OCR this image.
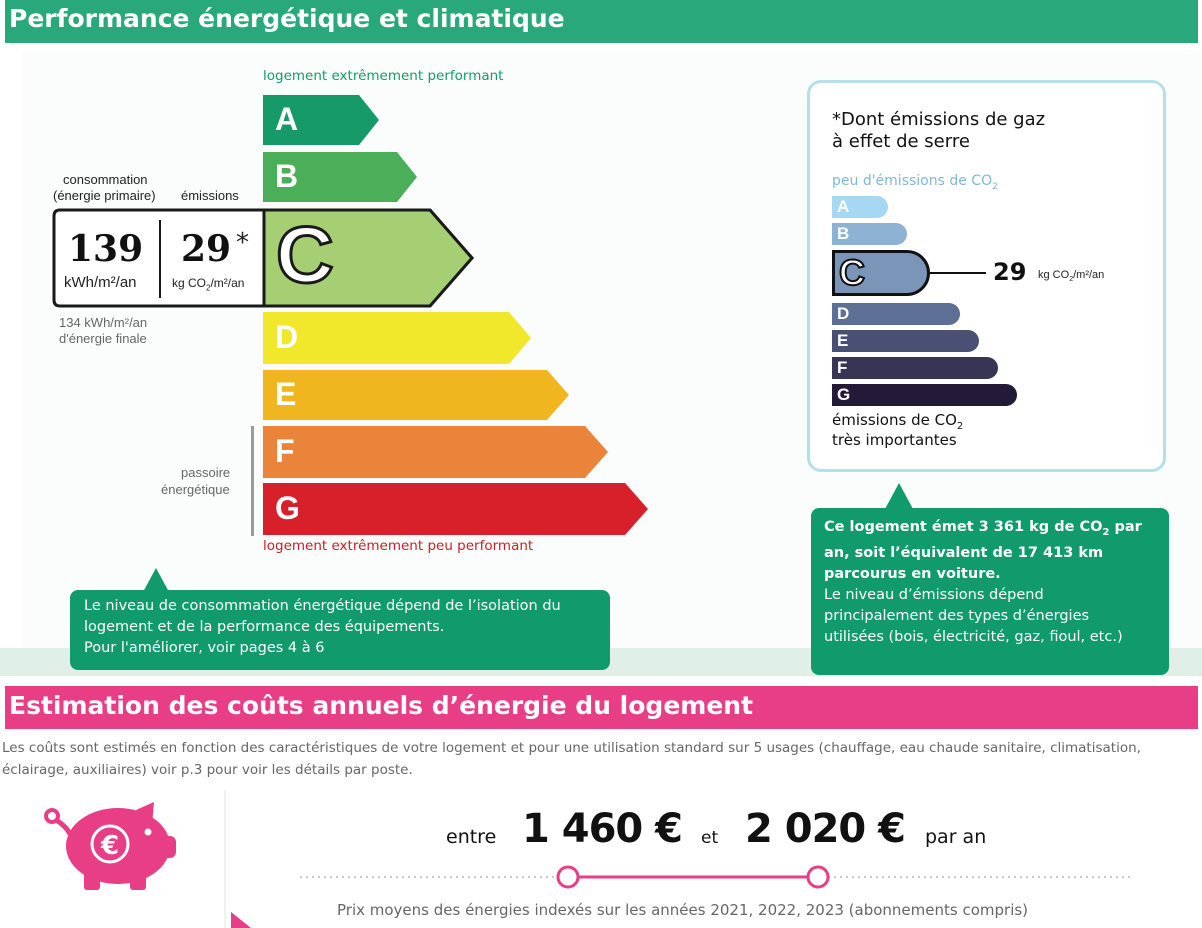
Performance énergétique et climatique
logement extrêmement performant
logement extrêmement peu performant
A
B
D
E
F
G
C
consommation
(énergie primaire) émissions
139
kWh/m²/an
29 *
kg $CO_2/m^2/an$
134 kWh/m²/an
d'énergie finale
passoire
énergétique
Le niveau de consommation énergétique dépend de l’isolation du
logement et de la performance des équipements.
Pour l'améliorer, voir pages 4 à 6
*Dont émissions de gaz
à effet de serre
peu d'émissions de $CO_2$
A
B
C	29 kg $CO_2/m^2/an$
D
E
F
G
émissions de $CO_2$
très importantes
Ce logement émet 3 361 kg de $CO_2$ par
an, soit l’équivalent de 17 413 km
parcourus en voiture.
Le niveau d’émissions dépend
principalement des types d’énergies
utilisées (bois, électricité, gaz, fioul, etc.)
Estimation des coûts annuels d’énergie du logement
Les coûts sont estimés en fonction des caractéristiques de votre logement et pour une utilisation standard sur 5 usages (chauffage, eau chaude sanitaire, climatisation,
éclairage, auxiliaires) voir p.3 pour voir les détails par poste.
€	entre 1 460 € et 2 020 € par an
Prix moyens des énergies indexés sur les années 2021, 2022, 2023 (abonnements compris)
